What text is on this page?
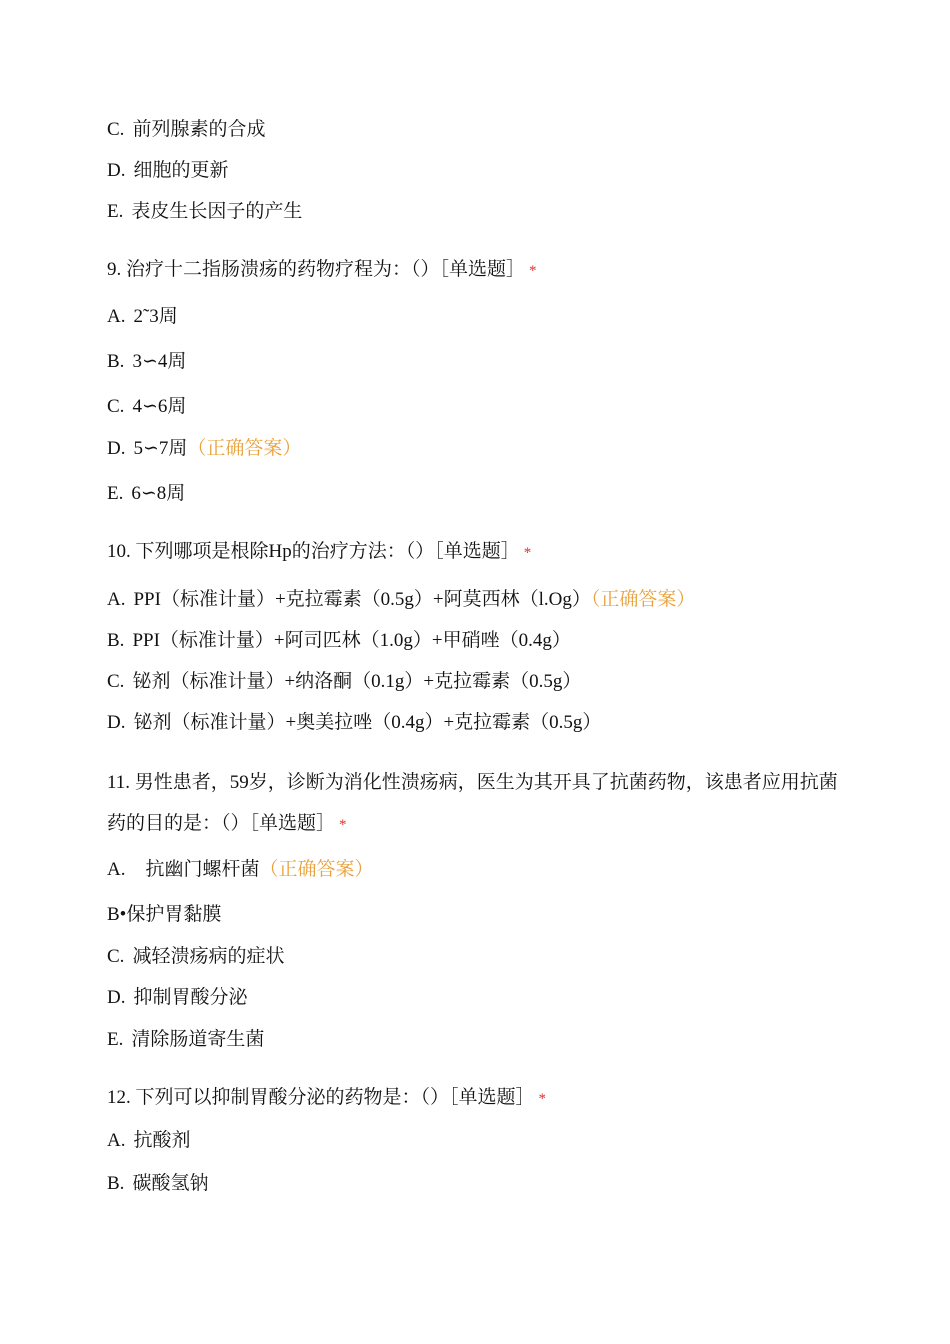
C. 前列腺素的合成
D. 细胞的更新
E. 表皮生长因子的产生
9. 治疗十二指肠溃疡的药物疗程为：（）［单选题］ *
A. 2˜3周
B. 3∽4周
C. 4∽6周
D. 5∽7周（正确答案）
E. 6∽8周
10. 下列哪项是根除Hp的治疗方法：（）［单选题］ *
A. PPI（标准计量）+克拉霉素（0.5g）+阿莫西林（l.Og）（正确答案）
B. PPI（标准计量）+阿司匹林（1.0g）+甲硝唑（0.4g）
C. 铋剂（标准计量）+纳洛酮（0.1g）+克拉霉素（0.5g）
D. 铋剂（标准计量）+奥美拉唑（0.4g）+克拉霉素（0.5g）
11. 男性患者，59岁，诊断为消化性溃疡病，医生为其开具了抗菌药物，该患者应用抗菌药的目的是：（）［单选题］ *
A. 抗幽门螺杆菌（正确答案）
B•保护胃黏膜
C. 减轻溃疡病的症状
D. 抑制胃酸分泌
E. 清除肠道寄生菌
12. 下列可以抑制胃酸分泌的药物是：（）［单选题］ *
A. 抗酸剂
B. 碳酸氢钠
